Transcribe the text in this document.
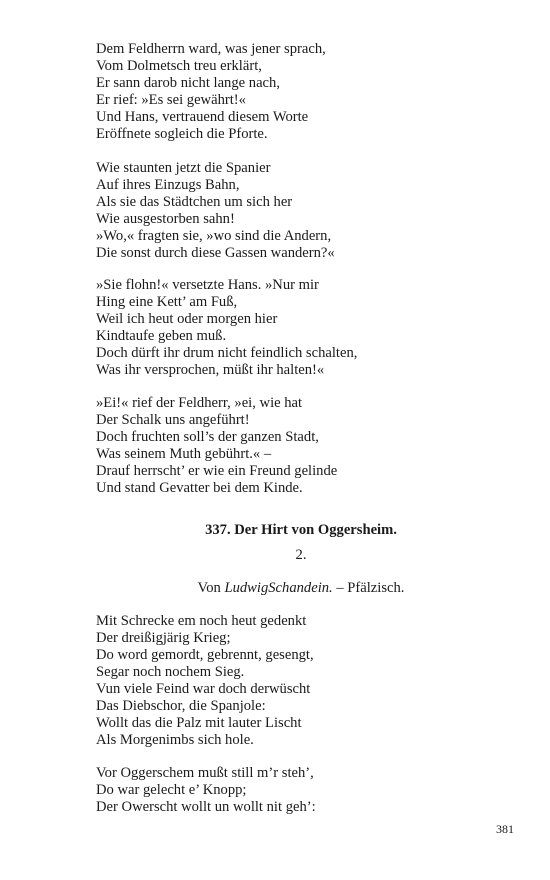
Dem Feldherrn ward, was jener sprach,
Vom Dolmetsch treu erklärt,
Er sann darob nicht lange nach,
Er rief: »Es sei gewährt!«
Und Hans, vertrauend diesem Worte
Eröffnete sogleich die Pforte.
Wie staunten jetzt die Spanier
Auf ihres Einzugs Bahn,
Als sie das Städtchen um sich her
Wie ausgestorben sahn!
»Wo,« fragten sie, »wo sind die Andern,
Die sonst durch diese Gassen wandern?«
»Sie flohn!« versetzte Hans. »Nur mir
Hing eine Kett’ am Fuß,
Weil ich heut oder morgen hier
Kindtaufe geben muß.
Doch dürft ihr drum nicht feindlich schalten,
Was ihr versprochen, müßt ihr halten!«
»Ei!« rief der Feldherr, »ei, wie hat
Der Schalk uns angeführt!
Doch fruchten soll’s der ganzen Stadt,
Was seinem Muth gebührt.« –
Drauf herrscht’ er wie ein Freund gelinde
Und stand Gevatter bei dem Kinde.
337. Der Hirt von Oggersheim.
2.
Von LudwigSchandein. – Pfälzisch.
Mit Schrecke em noch heut gedenkt
Der dreißigjärig Krieg;
Do word gemordt, gebrennt, gesengt,
Segar noch nochem Sieg.
Vun viele Feind war doch derwüscht
Das Diebschor, die Spanjole:
Wollt das die Palz mit lauter Lischt
Als Morgenimbs sich hole.
Vor Oggerschem mußt still m’r steh’,
Do war gelecht e’ Knopp;
Der Owerscht wollt un wollt nit geh’:
381
